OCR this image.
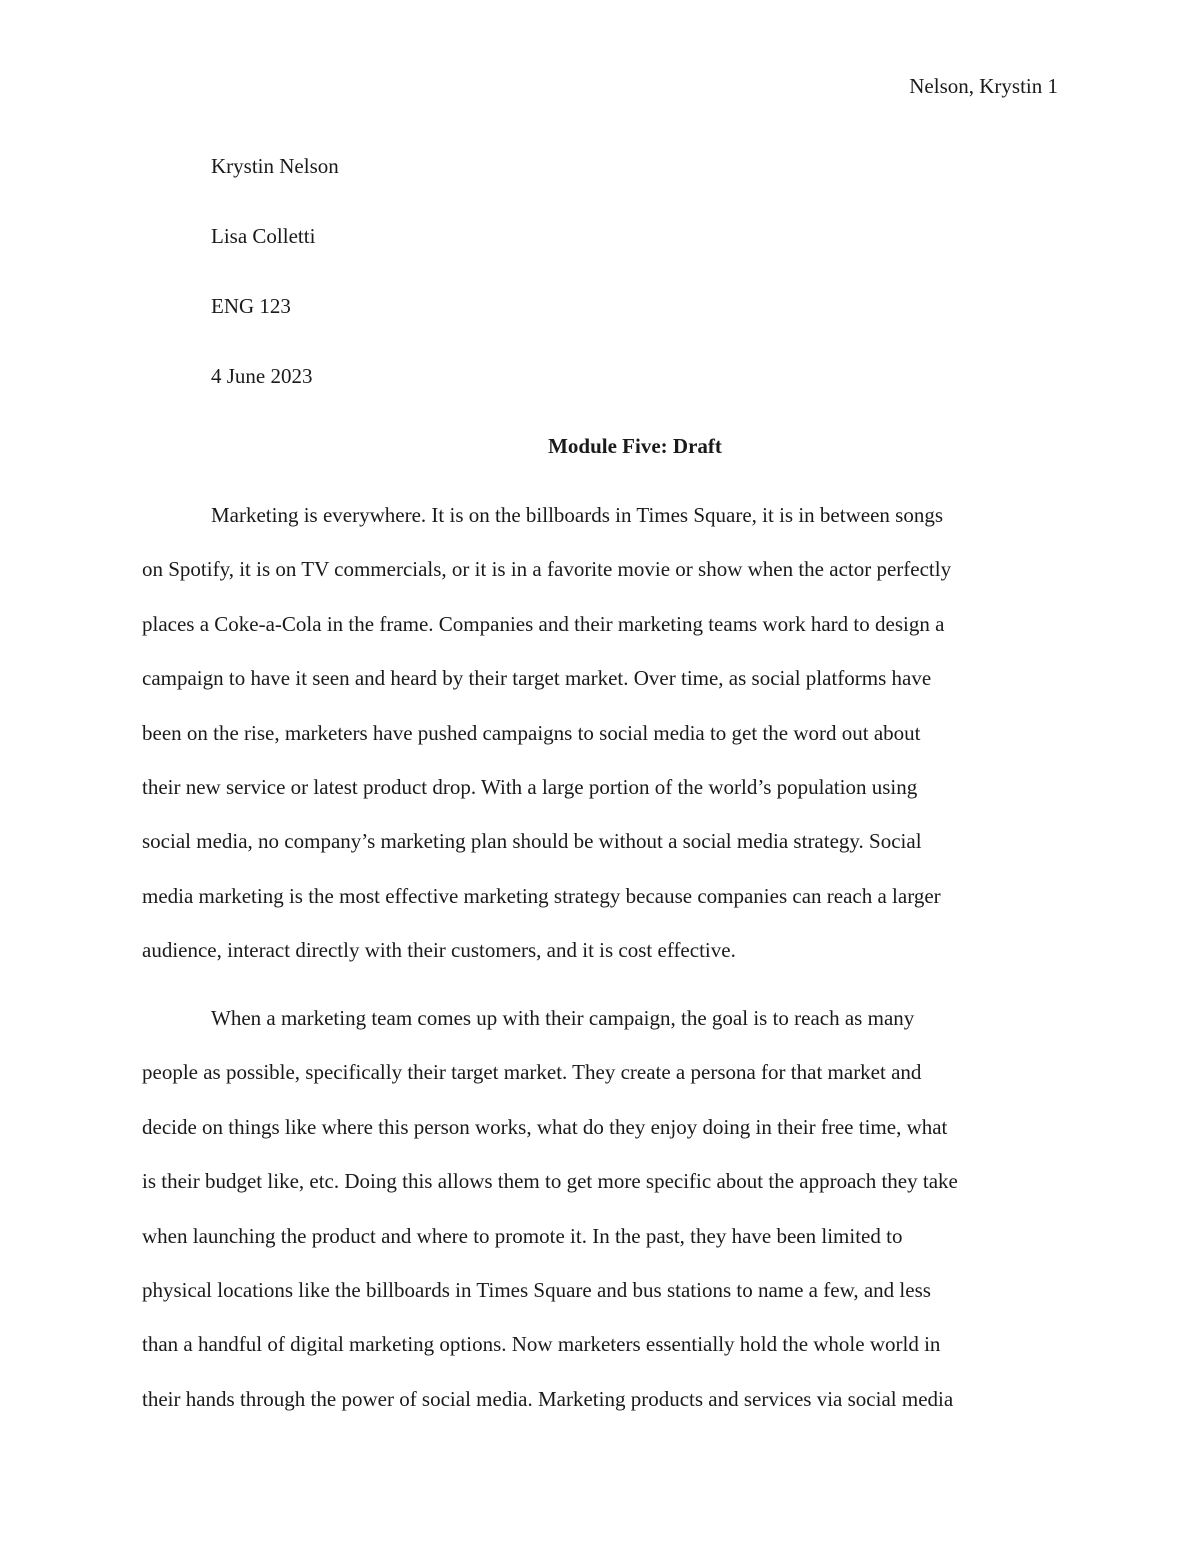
Nelson, Krystin 1
Krystin Nelson
Lisa Colletti
ENG 123
4 June 2023
Module Five: Draft
Marketing is everywhere. It is on the billboards in Times Square, it is in between songs
on Spotify, it is on TV commercials, or it is in a favorite movie or show when the actor perfectly
places a Coke-a-Cola in the frame. Companies and their marketing teams work hard to design a
campaign to have it seen and heard by their target market. Over time, as social platforms have
been on the rise, marketers have pushed campaigns to social media to get the word out about
their new service or latest product drop. With a large portion of the world’s population using
social media, no company’s marketing plan should be without a social media strategy. Social
media marketing is the most effective marketing strategy because companies can reach a larger
audience, interact directly with their customers, and it is cost effective.
When a marketing team comes up with their campaign, the goal is to reach as many
people as possible, specifically their target market. They create a persona for that market and
decide on things like where this person works, what do they enjoy doing in their free time, what
is their budget like, etc. Doing this allows them to get more specific about the approach they take
when launching the product and where to promote it. In the past, they have been limited to
physical locations like the billboards in Times Square and bus stations to name a few, and less
than a handful of digital marketing options. Now marketers essentially hold the whole world in
their hands through the power of social media. Marketing products and services via social media
